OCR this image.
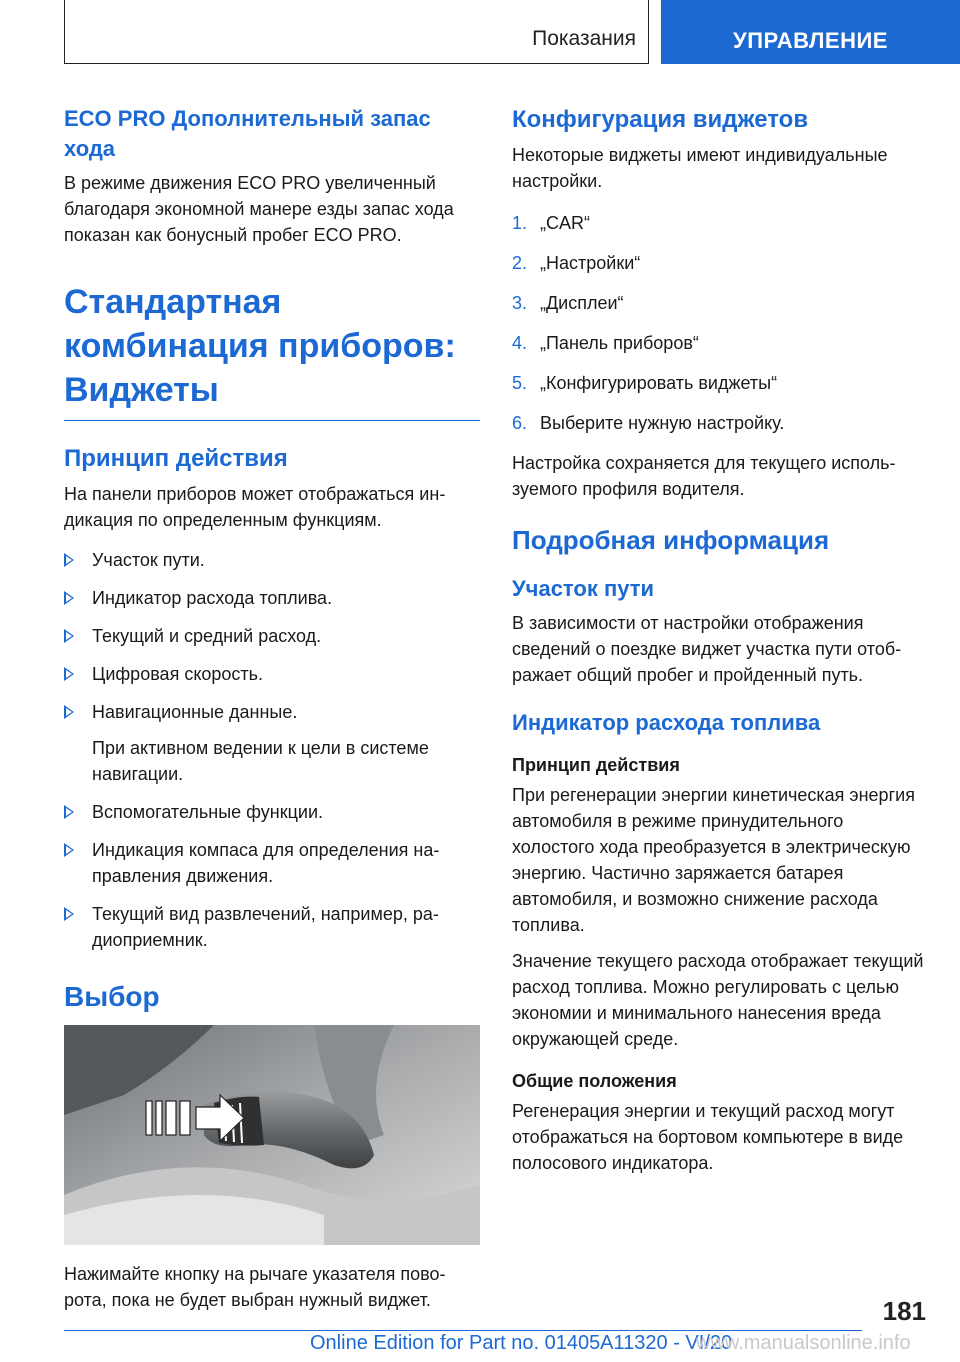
Показания	УПРАВЛЕНИЕ
ECO PRO Дополнительный запас хода

В режиме движения ECO PRO увеличенный благодаря экономной манере езды запас хода показан как бонусный пробег ECO PRO.

Стандартная комбинация приборов: Виджеты
Принцип действия

На панели приборов может отображаться индикация по определенным функциям.

Участок пути.
Индикатор расхода топлива.
Текущий и средний расход.
Цифровая скорость.
Навигационные данные.
При активном ведении к цели в системе навигации.
Вспомогательные функции.
Индикация компаса для определения направления движения.
Текущий вид развлечений, например, радиоприемник.
Выбор

Нажимайте кнопку на рычаге указателя поворота, пока не будет выбран нужный виджет.

Конфигурация виджетов

Некоторые виджеты имеют индивидуальные настройки.

1. „CAR“
2. „Настройки“
3. „Дисплеи“
4. „Панель приборов“
5. „Конфигурировать виджеты“
6. Выберите нужную настройку.

Настройка сохраняется для текущего используемого профиля водителя.

Подробная информация
Участок пути

В зависимости от настройки отображения сведений о поездке виджет участка пути отображает общий пробег и пройденный путь.

Индикатор расхода топлива
Принцип действия

При регенерации энергии кинетическая энергия автомобиля в режиме принудительного холостого хода преобразуется в электрическую энергию. Частично заряжается батарея автомобиля, и возможно снижение расхода топлива.

Значение текущего расхода отображает текущий расход топлива. Можно регулировать с целью экономии и минимального нанесения вреда окружающей среде.

Общие положения

Регенерация энергии и текущий расход могут отображаться на бортовом компьютере в виде полосового индикатора.

181
Online Edition for Part no. 01405A11320 - VI/20
www.manualsonline.info
